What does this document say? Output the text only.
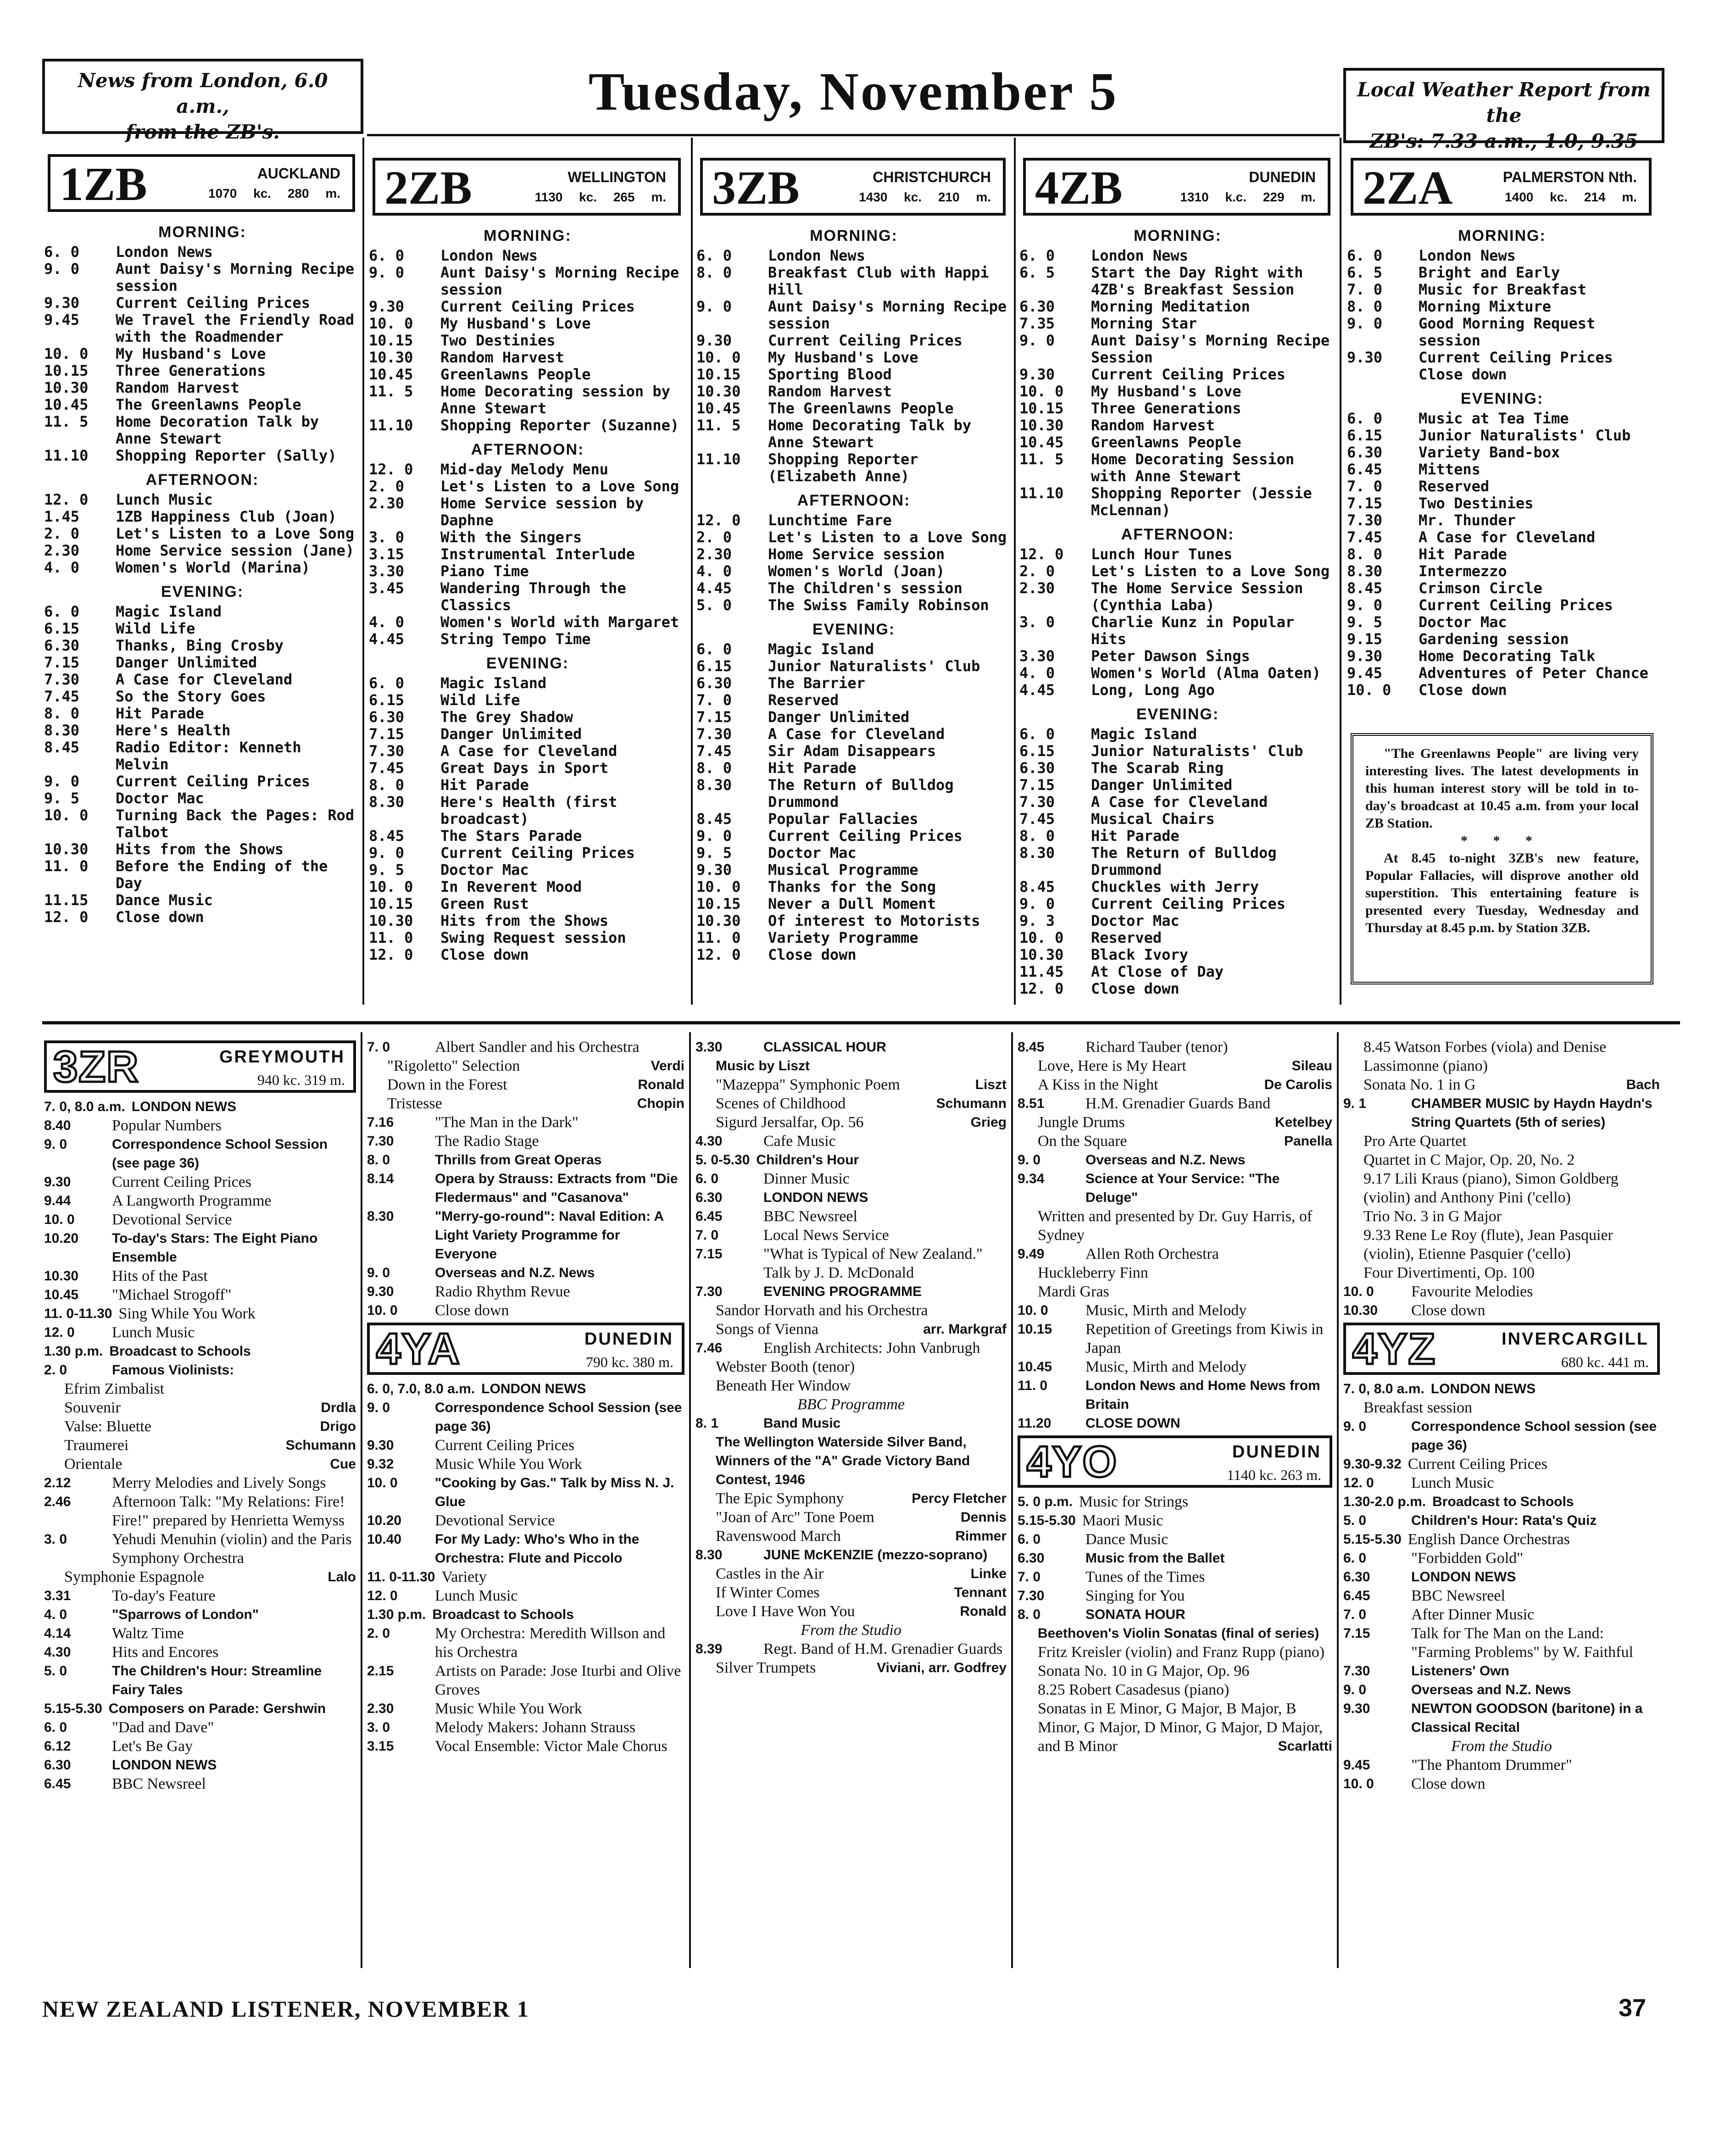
News from London, 6.0 a.m.,
from the ZB's.
Tuesday, November 5	Local Weather Report from the
ZB's: 7.33 a.m., 1.0, 9.35
1ZB	AUCKLAND
1070 kc. 280 m.
MORNING:
6. 0	London News
9. 0	Aunt Daisy's Morning Recipe session
9.30	Current Ceiling Prices
9.45	We Travel the Friendly Road with the Roadmender
10. 0	My Husband's Love
10.15	Three Generations
10.30	Random Harvest
10.45	The Greenlawns People
11. 5	Home Decoration Talk by Anne Stewart
11.10	Shopping Reporter (Sally)
AFTERNOON:
12. 0	Lunch Music
1.45	1ZB Happiness Club (Joan)
2. 0	Let's Listen to a Love Song
2.30	Home Service session (Jane)
4. 0	Women's World (Marina)
EVENING:
6. 0	Magic Island
6.15	Wild Life
6.30	Thanks, Bing Crosby
7.15	Danger Unlimited
7.30	A Case for Cleveland
7.45	So the Story Goes
8. 0	Hit Parade
8.30	Here's Health
8.45	Radio Editor: Kenneth Melvin
9. 0	Current Ceiling Prices
9. 5	Doctor Mac
10. 0	Turning Back the Pages: Rod Talbot
10.30	Hits from the Shows
11. 0	Before the Ending of the Day
11.15	Dance Music
12. 0	Close down
2ZB	WELLINGTON
1130 kc. 265 m.
MORNING:
6. 0	London News
9. 0	Aunt Daisy's Morning Recipe session
9.30	Current Ceiling Prices
10. 0	My Husband's Love
10.15	Two Destinies
10.30	Random Harvest
10.45	Greenlawns People
11. 5	Home Decorating session by Anne Stewart
11.10	Shopping Reporter (Suzanne)
AFTERNOON:
12. 0	Mid-day Melody Menu
2. 0	Let's Listen to a Love Song
2.30	Home Service session by Daphne
3. 0	With the Singers
3.15	Instrumental Interlude
3.30	Piano Time
3.45	Wandering Through the Classics
4. 0	Women's World with Margaret
4.45	String Tempo Time
EVENING:
6. 0	Magic Island
6.15	Wild Life
6.30	The Grey Shadow
7.15	Danger Unlimited
7.30	A Case for Cleveland
7.45	Great Days in Sport
8. 0	Hit Parade
8.30	Here's Health (first broadcast)
8.45	The Stars Parade
9. 0	Current Ceiling Prices
9. 5	Doctor Mac
10. 0	In Reverent Mood
10.15	Green Rust
10.30	Hits from the Shows
11. 0	Swing Request session
12. 0	Close down
3ZB	CHRISTCHURCH
1430 kc. 210 m.
MORNING:
6. 0	London News
8. 0	Breakfast Club with Happi Hill
9. 0	Aunt Daisy's Morning Recipe session
9.30	Current Ceiling Prices
10. 0	My Husband's Love
10.15	Sporting Blood
10.30	Random Harvest
10.45	The Greenlawns People
11. 5	Home Decorating Talk by Anne Stewart
11.10	Shopping Reporter (Elizabeth Anne)
AFTERNOON:
12. 0	Lunchtime Fare
2. 0	Let's Listen to a Love Song
2.30	Home Service session
4. 0	Women's World (Joan)
4.45	The Children's session
5. 0	The Swiss Family Robinson
EVENING:
6. 0	Magic Island
6.15	Junior Naturalists' Club
6.30	The Barrier
7. 0	Reserved
7.15	Danger Unlimited
7.30	A Case for Cleveland
7.45	Sir Adam Disappears
8. 0	Hit Parade
8.30	The Return of Bulldog Drummond
8.45	Popular Fallacies
9. 0	Current Ceiling Prices
9. 5	Doctor Mac
9.30	Musical Programme
10. 0	Thanks for the Song
10.15	Never a Dull Moment
10.30	Of interest to Motorists
11. 0	Variety Programme
12. 0	Close down
4ZB	DUNEDIN
1310 k.c. 229 m.
MORNING:
6. 0	London News
6. 5	Start the Day Right with 4ZB's Breakfast Session
6.30	Morning Meditation
7.35	Morning Star
9. 0	Aunt Daisy's Morning Recipe Session
9.30	Current Ceiling Prices
10. 0	My Husband's Love
10.15	Three Generations
10.30	Random Harvest
10.45	Greenlawns People
11. 5	Home Decorating Session with Anne Stewart
11.10	Shopping Reporter (Jessie McLennan)
AFTERNOON:
12. 0	Lunch Hour Tunes
2. 0	Let's Listen to a Love Song
2.30	The Home Service Session (Cynthia Laba)
3. 0	Charlie Kunz in Popular Hits
3.30	Peter Dawson Sings
4. 0	Women's World (Alma Oaten)
4.45	Long, Long Ago
EVENING:
6. 0	Magic Island
6.15	Junior Naturalists' Club
6.30	The Scarab Ring
7.15	Danger Unlimited
7.30	A Case for Cleveland
7.45	Musical Chairs
8. 0	Hit Parade
8.30	The Return of Bulldog Drummond
8.45	Chuckles with Jerry
9. 0	Current Ceiling Prices
9. 3	Doctor Mac
10. 0	Reserved
10.30	Black Ivory
11.45	At Close of Day
12. 0	Close down
2ZA	PALMERSTON Nth.
1400 kc. 214 m.
MORNING:
6. 0	London News
6. 5	Bright and Early
7. 0	Music for Breakfast
8. 0	Morning Mixture
9. 0	Good Morning Request session
9.30	Current Ceiling Prices Close down
EVENING:
6. 0	Music at Tea Time
6.15	Junior Naturalists' Club
6.30	Variety Band-box
6.45	Mittens
7. 0	Reserved
7.15	Two Destinies
7.30	Mr. Thunder
7.45	A Case for Cleveland
8. 0	Hit Parade
8.30	Intermezzo
8.45	Crimson Circle
9. 0	Current Ceiling Prices
9. 5	Doctor Mac
9.15	Gardening session
9.30	Home Decorating Talk
9.45	Adventures of Peter Chance
10. 0	Close down
"The Greenlawns People" are living very interesting lives. The latest developments in this human interest story will be told in to-day's broadcast at 10.45 a.m. from your local ZB Station.
* * *
At 8.45 to-night 3ZB's new feature, Popular Fallacies, will disprove another old superstition. This entertaining feature is presented every Tuesday, Wednesday and Thursday at 8.45 p.m. by Station 3ZB.
3ZR	GREYMOUTH
940 kc. 319 m.
7. 0, 8.0 a.m. LONDON NEWS
8.40	Popular Numbers
9. 0	Correspondence School Session (see page 36)
9.30	Current Ceiling Prices
9.44	A Langworth Programme
10. 0	Devotional Service
10.20	To-day's Stars: The Eight Piano Ensemble
10.30	Hits of the Past
10.45	"Michael Strogoff"
11. 0-11.30 Sing While You Work
12. 0	Lunch Music
1.30 p.m. Broadcast to Schools
2. 0	Famous Violinists:
Efrim Zimbalist
Souvenir	Drdla
Valse: Bluette	Drigo
Traumerei	Schumann
Orientale	Cue
2.12	Merry Melodies and Lively Songs
2.46	Afternoon Talk: "My Relations: Fire! Fire!" prepared by Henrietta Wemyss
3. 0	Yehudi Menuhin (violin) and the Paris Symphony Orchestra
Symphonie Espagnole	Lalo
3.31	To-day's Feature
4. 0	"Sparrows of London"
4.14	Waltz Time
4.30	Hits and Encores
5. 0	The Children's Hour: Streamline Fairy Tales
5.15-5.30 Composers on Parade: Gershwin
6. 0	"Dad and Dave"
6.12	Let's Be Gay
6.30	LONDON NEWS
6.45	BBC Newsreel
7. 0	Albert Sandler and his Orchestra
"Rigoletto" Selection	Verdi
Down in the Forest	Ronald
Tristesse	Chopin
7.16	"The Man in the Dark"
7.30	The Radio Stage
8. 0	Thrills from Great Operas
8.14	Opera by Strauss: Extracts from "Die Fledermaus" and "Casanova"
8.30	"Merry-go-round": Naval Edition: A Light Variety Programme for Everyone
9. 0	Overseas and N.Z. News
9.30	Radio Rhythm Revue
10. 0	Close down
4YA	DUNEDIN
790 kc. 380 m.
6. 0, 7.0, 8.0 a.m. LONDON NEWS
9. 0	Correspondence School Session (see page 36)
9.30	Current Ceiling Prices
9.32	Music While You Work
10. 0	"Cooking by Gas." Talk by Miss N. J. Glue
10.20	Devotional Service
10.40	For My Lady: Who's Who in the Orchestra: Flute and Piccolo
11. 0-11.30 Variety
12. 0	Lunch Music
1.30 p.m. Broadcast to Schools
2. 0	My Orchestra: Meredith Willson and his Orchestra
2.15	Artists on Parade: Jose Iturbi and Olive Groves
2.30	Music While You Work
3. 0	Melody Makers: Johann Strauss
3.15	Vocal Ensemble: Victor Male Chorus
3.30	CLASSICAL HOUR
Music by Liszt
"Mazeppa" Symphonic Poem	Liszt
Scenes of Childhood	Schumann
Sigurd Jersalfar, Op. 56	Grieg
4.30	Cafe Music
5. 0-5.30 Children's Hour
6. 0	Dinner Music
6.30	LONDON NEWS
6.45	BBC Newsreel
7. 0	Local News Service
7.15	"What is Typical of New Zealand." Talk by J. D. McDonald
7.30	EVENING PROGRAMME
Sandor Horvath and his Orchestra
Songs of Vienna	arr. Markgraf
7.46	English Architects: John Vanbrugh
Webster Booth (tenor)
Beneath Her Window
BBC Programme
8. 1	Band Music
The Wellington Waterside Silver Band, Winners of the "A" Grade Victory Band Contest, 1946
The Epic Symphony	Percy Fletcher
"Joan of Arc" Tone Poem	Dennis
Ravenswood March	Rimmer
8.30	JUNE McKENZIE (mezzo-soprano)
Castles in the Air	Linke
If Winter Comes	Tennant
Love I Have Won You	Ronald
From the Studio
8.39	Regt. Band of H.M. Grenadier Guards
Silver Trumpets	Viviani, arr. Godfrey
8.45	Richard Tauber (tenor)
Love, Here is My Heart	Sileau
A Kiss in the Night	De Carolis
8.51	H.M. Grenadier Guards Band
Jungle Drums	Ketelbey
On the Square	Panella
9. 0	Overseas and N.Z. News
9.34	Science at Your Service: "The Deluge"
Written and presented by Dr. Guy Harris, of Sydney
9.49	Allen Roth Orchestra
Huckleberry Finn
Mardi Gras
10. 0	Music, Mirth and Melody
10.15	Repetition of Greetings from Kiwis in Japan
10.45	Music, Mirth and Melody
11. 0	London News and Home News from Britain
11.20	CLOSE DOWN
4YO	DUNEDIN
1140 kc. 263 m.
5. 0 p.m. Music for Strings
5.15-5.30 Maori Music
6. 0	Dance Music
6.30	Music from the Ballet
7. 0	Tunes of the Times
7.30	Singing for You
8. 0	SONATA HOUR
Beethoven's Violin Sonatas (final of series)
Fritz Kreisler (violin) and Franz Rupp (piano)
Sonata No. 10 in G Major, Op. 96
8.25 Robert Casadesus (piano)
Sonatas in E Minor, G Major, B Major, B Minor, G Major, D Minor, G Major, D Major,
and B Minor	Scarlatti
8.45 Watson Forbes (viola) and Denise Lassimonne (piano)
Sonata No. 1 in G	Bach
9. 1	CHAMBER MUSIC by Haydn Haydn's String Quartets (5th of series)
Pro Arte Quartet
Quartet in C Major, Op. 20, No. 2
9.17 Lili Kraus (piano), Simon Goldberg (violin) and Anthony Pini ('cello)
Trio No. 3 in G Major
9.33 Rene Le Roy (flute), Jean Pasquier (violin), Etienne Pasquier ('cello)
Four Divertimenti, Op. 100
10. 0	Favourite Melodies
10.30	Close down
4YZ	INVERCARGILL
680 kc. 441 m.
7. 0, 8.0 a.m. LONDON NEWS
Breakfast session
9. 0	Correspondence School session (see page 36)
9.30-9.32 Current Ceiling Prices
12. 0	Lunch Music
1.30-2.0 p.m. Broadcast to Schools
5. 0	Children's Hour: Rata's Quiz
5.15-5.30 English Dance Orchestras
6. 0	"Forbidden Gold"
6.30	LONDON NEWS
6.45	BBC Newsreel
7. 0	After Dinner Music
7.15	Talk for The Man on the Land: "Farming Problems" by W. Faithful
7.30	Listeners' Own
9. 0	Overseas and N.Z. News
9.30	NEWTON GOODSON (baritone) in a Classical Recital
From the Studio
9.45	"The Phantom Drummer"
10. 0	Close down
NEW ZEALAND LISTENER, NOVEMBER 1	37
